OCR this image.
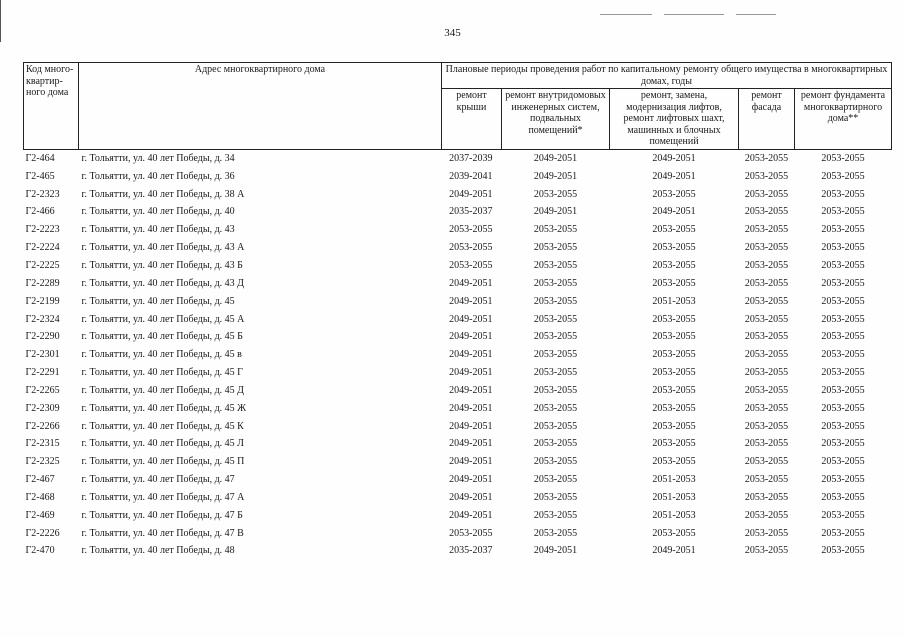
345
Код много-квартир-ного дома	Адрес многоквартирного дома	Плановые периоды проведения работ по капитальному ремонту общего имущества в многоквартирных домах, годы				
		ремонт крыши	ремонт внутридомовых инженерных систем, подвальных помещений*	ремонт, замена, модернизация лифтов, ремонт лифтовых шахт, машинных и блочных помещений	ремонт фасада	ремонт фундамента многоквартирного дома**
Г2-464	г. Тольятти, ул. 40 лет Победы, д. 34	2037-2039	2049-2051	2049-2051	2053-2055	2053-2055
Г2-465	г. Тольятти, ул. 40 лет Победы, д. 36	2039-2041	2049-2051	2049-2051	2053-2055	2053-2055
Г2-2323	г. Тольятти, ул. 40 лет Победы, д. 38 А	2049-2051	2053-2055	2053-2055	2053-2055	2053-2055
Г2-466	г. Тольятти, ул. 40 лет Победы, д. 40	2035-2037	2049-2051	2049-2051	2053-2055	2053-2055
Г2-2223	г. Тольятти, ул. 40 лет Победы, д. 43	2053-2055	2053-2055	2053-2055	2053-2055	2053-2055
Г2-2224	г. Тольятти, ул. 40 лет Победы, д. 43 А	2053-2055	2053-2055	2053-2055	2053-2055	2053-2055
Г2-2225	г. Тольятти, ул. 40 лет Победы, д. 43 Б	2053-2055	2053-2055	2053-2055	2053-2055	2053-2055
Г2-2289	г. Тольятти, ул. 40 лет Победы, д. 43 Д	2049-2051	2053-2055	2053-2055	2053-2055	2053-2055
Г2-2199	г. Тольятти, ул. 40 лет Победы, д. 45	2049-2051	2053-2055	2051-2053	2053-2055	2053-2055
Г2-2324	г. Тольятти, ул. 40 лет Победы, д. 45 А	2049-2051	2053-2055	2053-2055	2053-2055	2053-2055
Г2-2290	г. Тольятти, ул. 40 лет Победы, д. 45 Б	2049-2051	2053-2055	2053-2055	2053-2055	2053-2055
Г2-2301	г. Тольятти, ул. 40 лет Победы, д. 45 в	2049-2051	2053-2055	2053-2055	2053-2055	2053-2055
Г2-2291	г. Тольятти, ул. 40 лет Победы, д. 45 Г	2049-2051	2053-2055	2053-2055	2053-2055	2053-2055
Г2-2265	г. Тольятти, ул. 40 лет Победы, д. 45 Д	2049-2051	2053-2055	2053-2055	2053-2055	2053-2055
Г2-2309	г. Тольятти, ул. 40 лет Победы, д. 45 Ж	2049-2051	2053-2055	2053-2055	2053-2055	2053-2055
Г2-2266	г. Тольятти, ул. 40 лет Победы, д. 45 К	2049-2051	2053-2055	2053-2055	2053-2055	2053-2055
Г2-2315	г. Тольятти, ул. 40 лет Победы, д. 45 Л	2049-2051	2053-2055	2053-2055	2053-2055	2053-2055
Г2-2325	г. Тольятти, ул. 40 лет Победы, д. 45 П	2049-2051	2053-2055	2053-2055	2053-2055	2053-2055
Г2-467	г. Тольятти, ул. 40 лет Победы, д. 47	2049-2051	2053-2055	2051-2053	2053-2055	2053-2055
Г2-468	г. Тольятти, ул. 40 лет Победы, д. 47 А	2049-2051	2053-2055	2051-2053	2053-2055	2053-2055
Г2-469	г. Тольятти, ул. 40 лет Победы, д. 47 Б	2049-2051	2053-2055	2051-2053	2053-2055	2053-2055
Г2-2226	г. Тольятти, ул. 40 лет Победы, д. 47 В	2053-2055	2053-2055	2053-2055	2053-2055	2053-2055
Г2-470	г. Тольятти, ул. 40 лет Победы, д. 48	2035-2037	2049-2051	2049-2051	2053-2055	2053-2055
